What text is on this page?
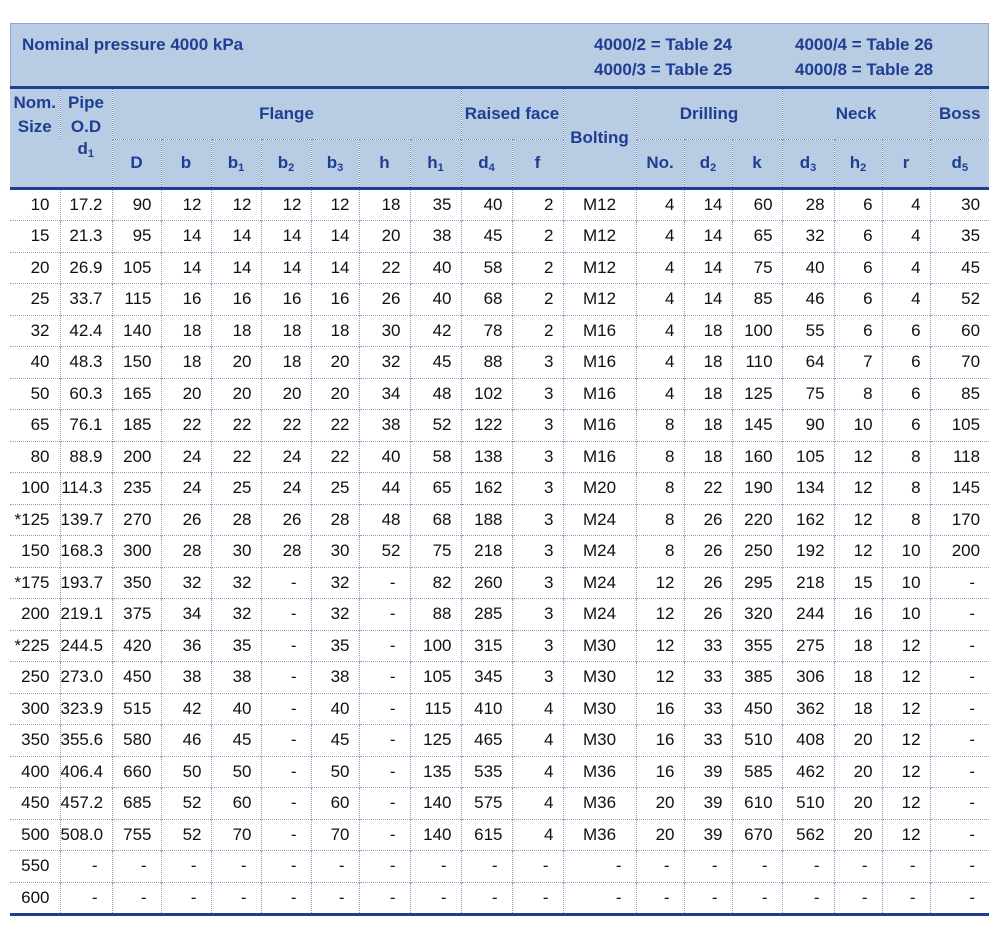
Nominal pressure 4000 kPa	4000/2 = Table 24
4000/3 = Table 25
4000/4 = Table 26
4000/8 = Table 28
Nom. Size	Pipe O.D	Flange							Raised face		Bolting	Drilling			Neck			Boss
	$d_1$	D	b	$b_1$	$b_2$	$b_3$	h	$h_1$	$d_4$	f		No.	$d_2$	k	$d_3$	$h_2$	r	$d_5$
10	17.2	90	12	12	12	12	18	35	40	2	M12	4	14	60	28	6	4	30
15	21.3	95	14	14	14	14	20	38	45	2	M12	4	14	65	32	6	4	35
20	26.9	105	14	14	14	14	22	40	58	2	M12	4	14	75	40	6	4	45
25	33.7	115	16	16	16	16	26	40	68	2	M12	4	14	85	46	6	4	52
32	42.4	140	18	18	18	18	30	42	78	2	M16	4	18	100	55	6	6	60
40	48.3	150	18	20	18	20	32	45	88	3	M16	4	18	110	64	7	6	70
50	60.3	165	20	20	20	20	34	48	102	3	M16	4	18	125	75	8	6	85
65	76.1	185	22	22	22	22	38	52	122	3	M16	8	18	145	90	10	6	105
80	88.9	200	24	22	24	22	40	58	138	3	M16	8	18	160	105	12	8	118
100	114.3	235	24	25	24	25	44	65	162	3	M20	8	22	190	134	12	8	145
*125	139.7	270	26	28	26	28	48	68	188	3	M24	8	26	220	162	12	8	170
150	168.3	300	28	30	28	30	52	75	218	3	M24	8	26	250	192	12	10	200
*175	193.7	350	32	32	-	32	-	82	260	3	M24	12	26	295	218	15	10	-
200	219.1	375	34	32	-	32	-	88	285	3	M24	12	26	320	244	16	10	-
*225	244.5	420	36	35	-	35	-	100	315	3	M30	12	33	355	275	18	12	-
250	273.0	450	38	38	-	38	-	105	345	3	M30	12	33	385	306	18	12	-
300	323.9	515	42	40	-	40	-	115	410	4	M30	16	33	450	362	18	12	-
350	355.6	580	46	45	-	45	-	125	465	4	M30	16	33	510	408	20	12	-
400	406.4	660	50	50	-	50	-	135	535	4	M36	16	39	585	462	20	12	-
450	457.2	685	52	60	-	60	-	140	575	4	M36	20	39	610	510	20	12	-
500	508.0	755	52	70	-	70	-	140	615	4	M36	20	39	670	562	20	12	-
550	-	-	-	-	-	-	-	-	-	-	-	-	-	-	-	-	-	-
600	-	-	-	-	-	-	-	-	-	-	-	-	-	-	-	-	-	-
